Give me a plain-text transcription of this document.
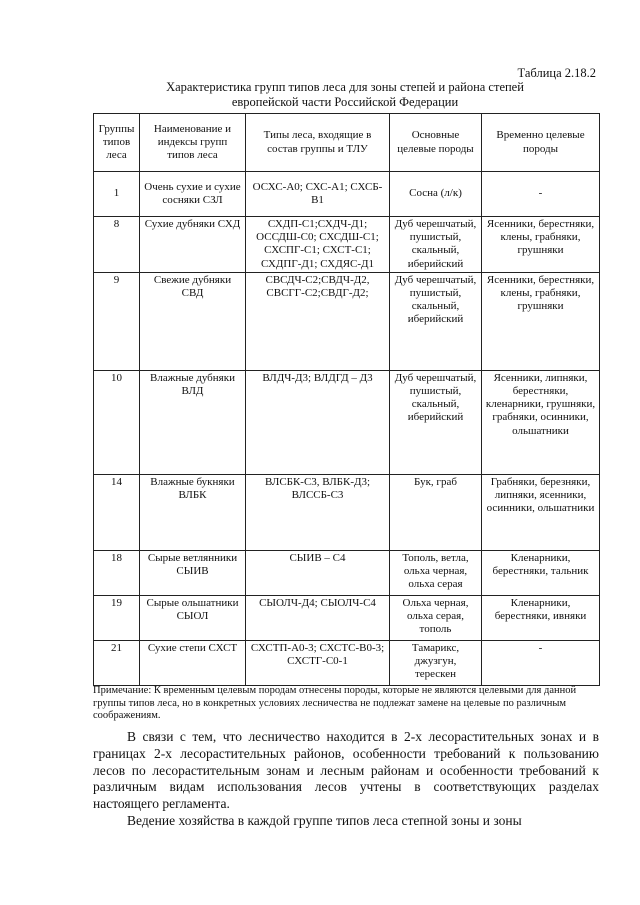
Таблица 2.18.2
Характеристика групп типов леса для зоны степей и района степей
европейской части Российской Федерации
Группы типов леса	Наименование и индексы групп типов леса	Типы леса, входящие в состав группы и ТЛУ	Основные целевые породы	Временно целевые породы
1	Очень сухие и сухие сосняки СЗЛ	ОСХС-А0; СХС-А1; СХСБ-В1	Сосна (л/к)	-
8	Сухие дубняки СХД	СХДП-С1;СХДЧ-Д1; ОССДШ-С0; СХСДШ-С1; СХСПГ-С1; СХСТ-С1; СХДПГ-Д1; СХДЯС-Д1	Дуб черешчатый, пушистый, скальный, иберийский	Ясенники, берестняки, клены, грабняки, грушняки
9	Свежие дубняки СВД	СВСДЧ-С2;СВДЧ-Д2, СВСГГ-С2;СВДГ-Д2;	Дуб черешчатый, пушистый, скальный, иберийский	Ясенники, берестняки, клены, грабняки, грушняки
10	Влажные дубняки ВЛД	ВЛДЧ-Д3; ВЛДГД – Д3	Дуб черешчатый, пушистый, скальный, иберийский	Ясенники, липняки, берестняки, кленарники, грушняки, грабняки, осинники, ольшатники
14	Влажные букняки ВЛБК	ВЛСБК-С3, ВЛБК-Д3; ВЛССБ-С3	Бук, граб	Грабняки, березняки, липняки, ясенники, осинники, ольшатники
18	Сырые ветлянники СЫИВ	СЫИВ – С4	Тополь, ветла, ольха черная, ольха серая	Кленарники, берестняки, тальник
19	Сырые ольшатники СЫОЛ	СЫОЛЧ-Д4; СЫОЛЧ-С4	Ольха черная, ольха серая, тополь	Кленарники, берестняки, ивняки
21	Сухие степи СХСТ	СХСТП-А0-3; СХСТС-В0-3; СХСТГ-С0-1	Тамарикс, джузгун, терескен	-
Примечание: К временным целевым породам отнесены породы, которые не являются целевыми для данной группы типов леса, но в конкретных условиях лесничества не подлежат замене на целевые по различным соображениям.

В связи с тем, что лесничество находится в 2-х лесорастительных зонах и в границах 2-х лесорастительных районов, особенности требований к пользованию лесов по лесорастительным зонам и лесным районам и особенности требований к различным видам использования лесов учтены в соответствующих разделах настоящего регламента.

Ведение хозяйства в каждой группе типов леса степной зоны и зоны
